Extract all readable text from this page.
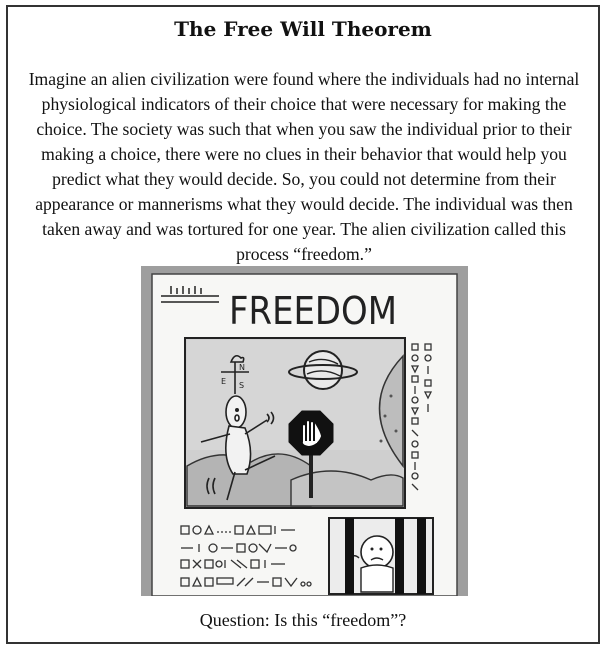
The Free Will Theorem

Imagine an alien civilization were found where the individuals had no internal physiological indicators of their choice that were necessary for making the choice. The society was such that when you saw the individual prior to their making a choice, there were no clues in their behavior that would help you predict what they would decide. So, you could not determine from their appearance or mannerisms what they would decide. The individual was then taken away and was tortured for one year. The alien civilization called this process “freedom.”

FREEDOM
N
E S
Question: Is this “freedom”?
